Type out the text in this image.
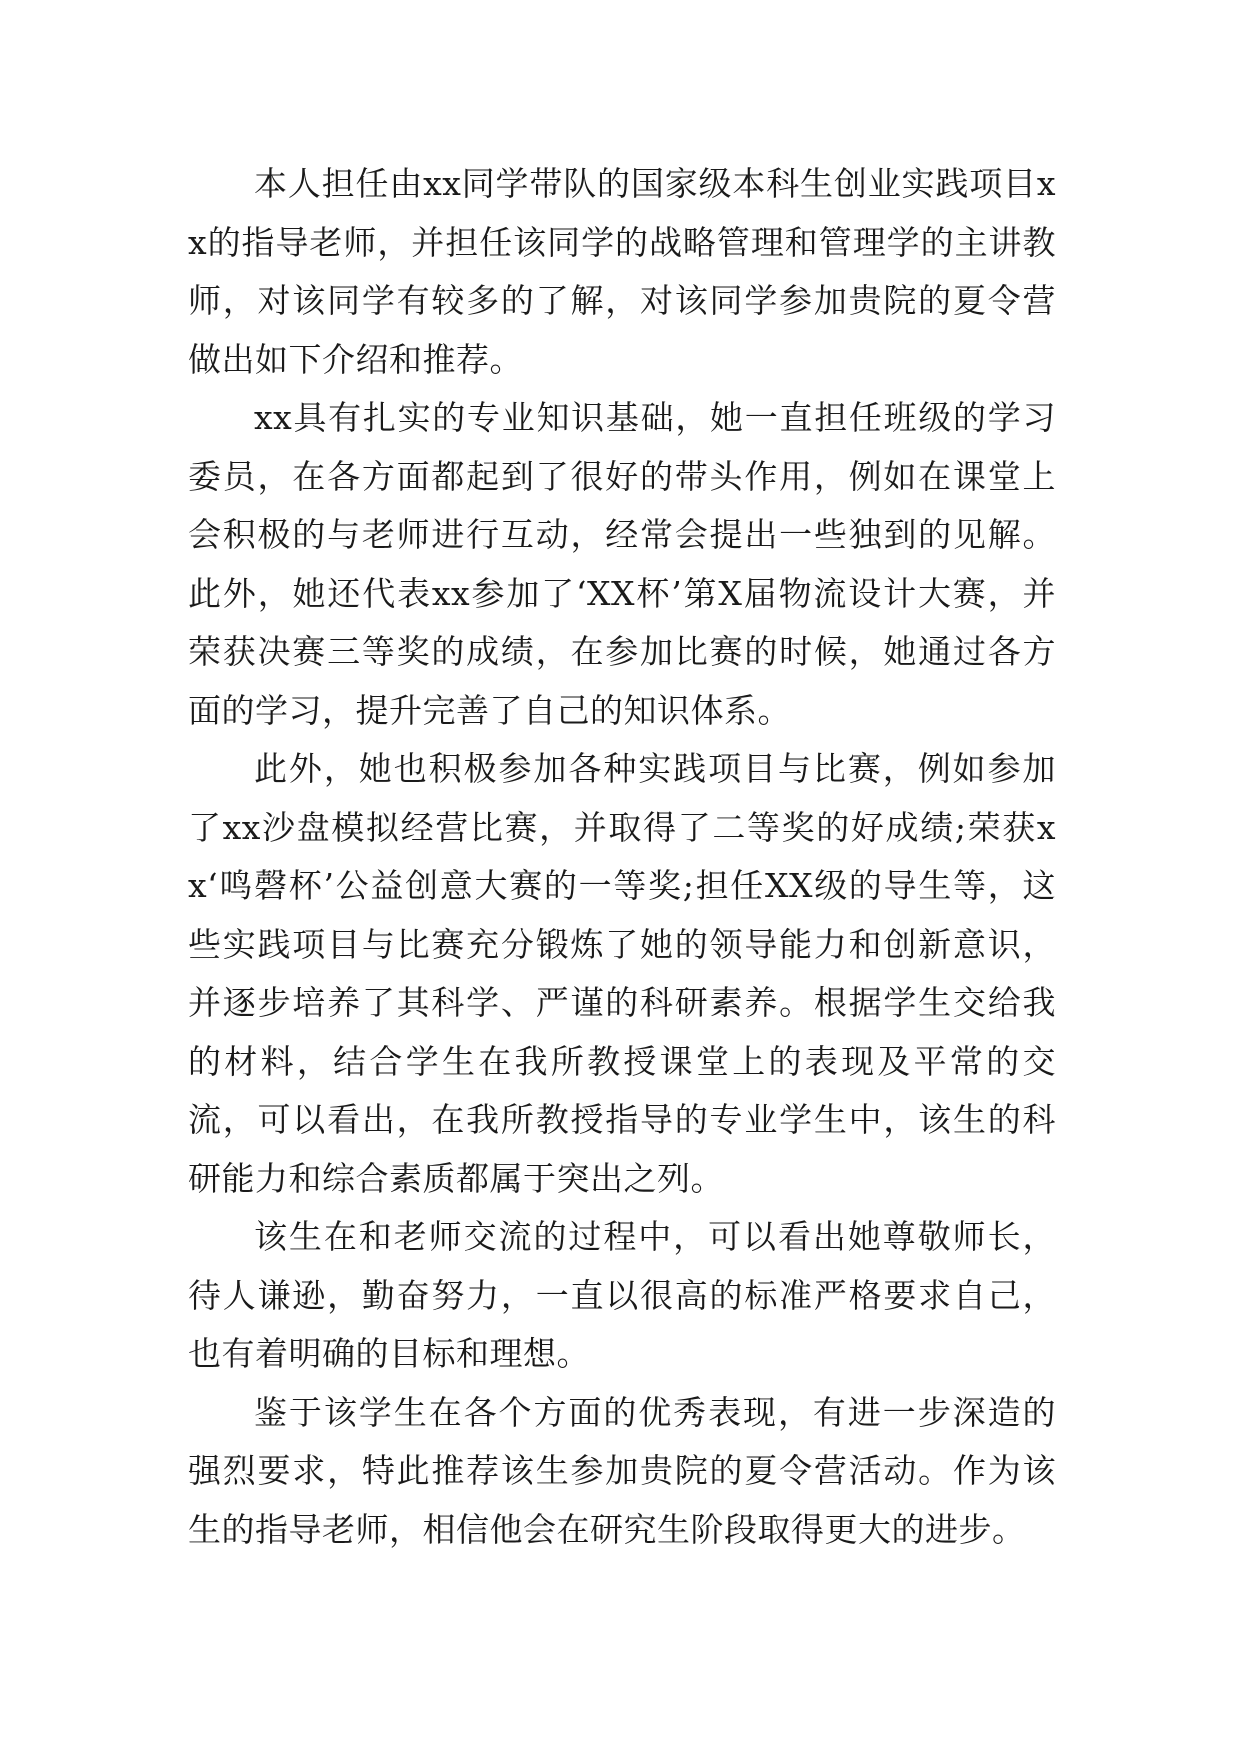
本人担任由xx同学带队的国家级本科生创业实践项目xx的指导老师，并担任该同学的战略管理和管理学的主讲教师，对该同学有较多的了解，对该同学参加贵院的夏令营做出如下介绍和推荐。

xx具有扎实的专业知识基础，她一直担任班级的学习委员，在各方面都起到了很好的带头作用，例如在课堂上会积极的与老师进行互动，经常会提出一些独到的见解。此外，她还代表xx参加了‘XX杯’第X届物流设计大赛，并荣获决赛三等奖的成绩，在参加比赛的时候，她通过各方面的学习，提升完善了自己的知识体系。

此外，她也积极参加各种实践项目与比赛，例如参加了xx沙盘模拟经营比赛，并取得了二等奖的好成绩;荣获xx‘鸣磬杯’公益创意大赛的一等奖;担任XX级的导生等，这些实践项目与比赛充分锻炼了她的领导能力和创新意识，并逐步培养了其科学、严谨的科研素养。根据学生交给我的材料，结合学生在我所教授课堂上的表现及平常的交流，可以看出，在我所教授指导的专业学生中，该生的科研能力和综合素质都属于突出之列。

该生在和老师交流的过程中，可以看出她尊敬师长，待人谦逊，勤奋努力，一直以很高的标准严格要求自己，也有着明确的目标和理想。

鉴于该学生在各个方面的优秀表现，有进一步深造的强烈要求，特此推荐该生参加贵院的夏令营活动。作为该生的指导老师，相信他会在研究生阶段取得更大的进步。
